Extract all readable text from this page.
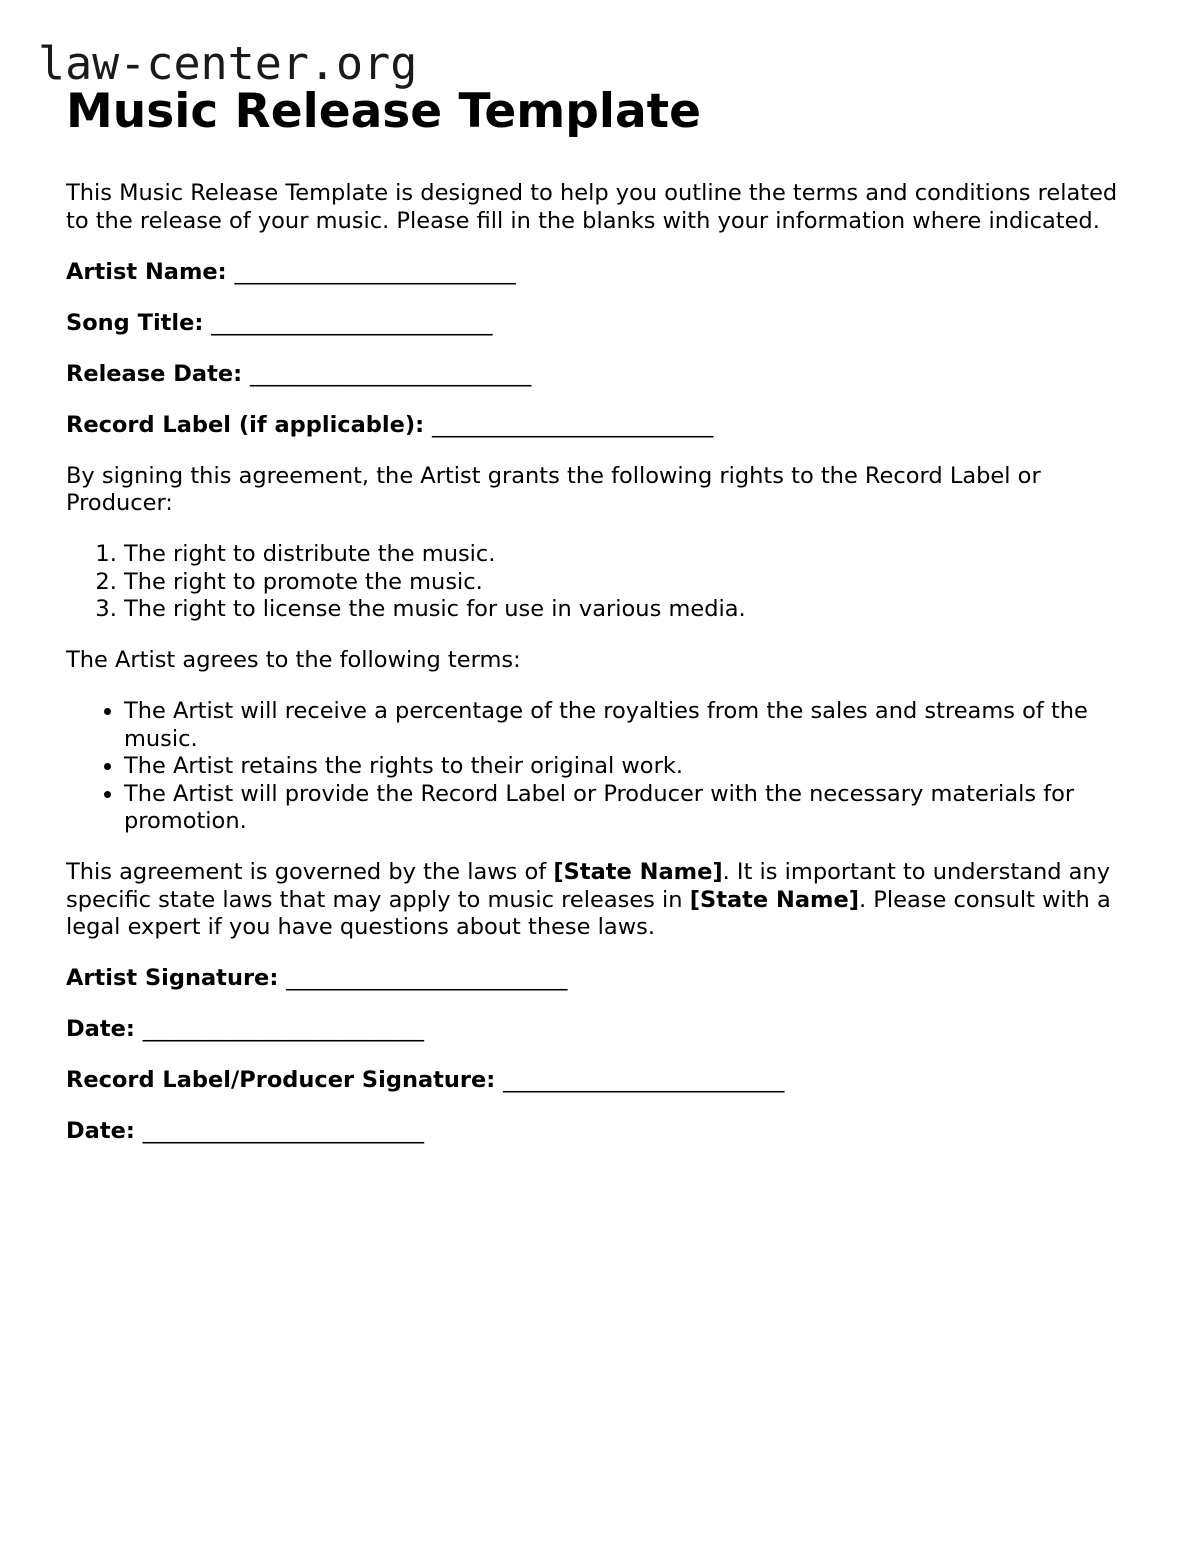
law-center.org
Music Release Template

This Music Release Template is designed to help you outline the terms and conditions related to the release of your music. Please fill in the blanks with your information where indicated.

Artist Name: _________________________
Song Title: _________________________
Release Date: _________________________
Record Label (if applicable): _________________________

By signing this agreement, the Artist grants the following rights to the Record Label or Producer:

1. The right to distribute the music.
2. The right to promote the music.
3. The right to license the music for use in various media.

The Artist agrees to the following terms:

• The Artist will receive a percentage of the royalties from the sales and streams of the music.
• The Artist retains the rights to their original work.
• The Artist will provide the Record Label or Producer with the necessary materials for promotion.

This agreement is governed by the laws of [State Name]. It is important to understand any specific state laws that may apply to music releases in [State Name]. Please consult with a legal expert if you have questions about these laws.

Artist Signature: _________________________
Date: _________________________
Record Label/Producer Signature: _________________________
Date: _________________________
